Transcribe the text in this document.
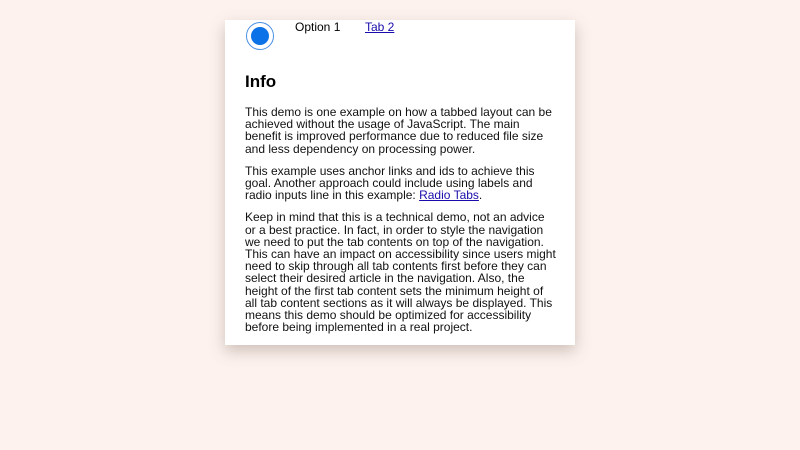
Option 1 Tab 2
Info

This demo is one example on how a tabbed layout can be achieved without the usage of JavaScript. The main benefit is improved performance due to reduced file size and less dependency on processing power.

This example uses anchor links and ids to achieve this goal. Another approach could include using labels and radio inputs line in this example: Radio Tabs.

Keep in mind that this is a technical demo, not an advice or a best practice. In fact, in order to style the navigation we need to put the tab contents on top of the navigation. This can have an impact on accessibility since users might need to skip through all tab contents first before they can select their desired article in the navigation. Also, the height of the first tab content sets the minimum height of all tab content sections as it will always be displayed. This means this demo should be optimized for accessibility before being implemented in a real project.
